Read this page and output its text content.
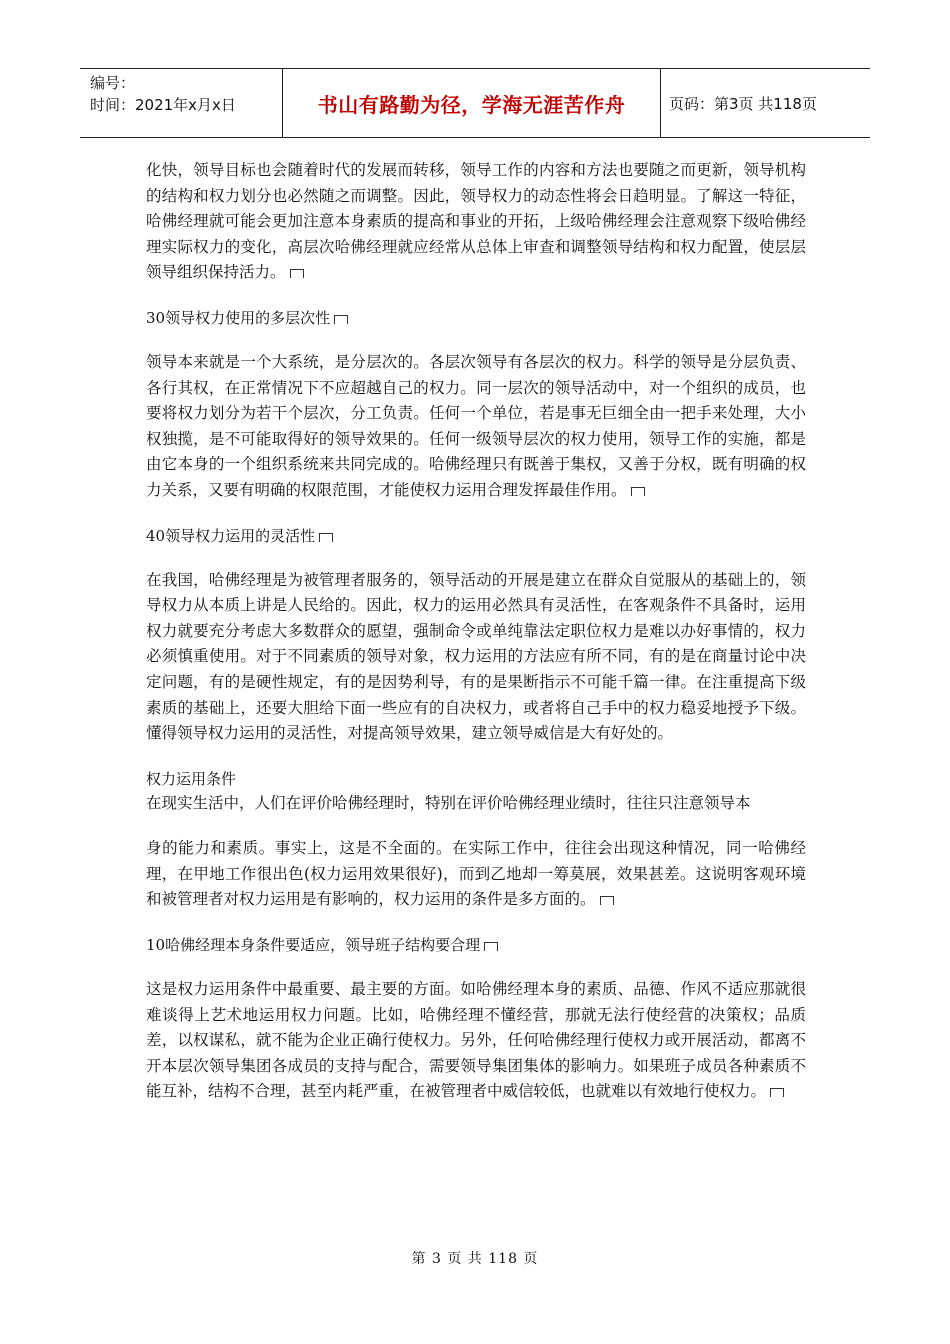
编号：
时间：2021年x月x日	书山有路勤为径，学海无涯苦作舟	页码：第3页 共118页

化快，领导目标也会随着时代的发展而转移，领导工作的内容和方法也要随之而更新，领导机构的结构和权力划分也必然随之而调整。因此，领导权力的动态性将会日趋明显。了解这一特征，哈佛经理就可能会更加注意本身素质的提高和事业的开拓，上级哈佛经理会注意观察下级哈佛经理实际权力的变化，高层次哈佛经理就应经常从总体上审查和调整领导结构和权力配置，使层层领导组织保持活力。

30领导权力使用的多层次性

领导本来就是一个大系统，是分层次的。各层次领导有各层次的权力。科学的领导是分层负责、各行其权，在正常情况下不应超越自己的权力。同一层次的领导活动中，对一个组织的成员，也要将权力划分为若干个层次，分工负责。任何一个单位，若是事无巨细全由一把手来处理，大小权独揽，是不可能取得好的领导效果的。任何一级领导层次的权力使用，领导工作的实施，都是由它本身的一个组织系统来共同完成的。哈佛经理只有既善于集权，又善于分权，既有明确的权力关系，又要有明确的权限范围，才能使权力运用合理发挥最佳作用。

40领导权力运用的灵活性

在我国，哈佛经理是为被管理者服务的，领导活动的开展是建立在群众自觉服从的基础上的，领导权力从本质上讲是人民给的。因此，权力的运用必然具有灵活性，在客观条件不具备时，运用权力就要充分考虑大多数群众的愿望，强制命令或单纯靠法定职位权力是难以办好事情的，权力必须慎重使用。对于不同素质的领导对象，权力运用的方法应有所不同，有的是在商量讨论中决定问题，有的是硬性规定，有的是因势利导，有的是果断指示不可能千篇一律。在注重提高下级素质的基础上，还要大胆给下面一些应有的自决权力，或者将自己手中的权力稳妥地授予下级。懂得领导权力运用的灵活性，对提高领导效果，建立领导威信是大有好处的。

权力运用条件

在现实生活中，人们在评价哈佛经理时，特别在评价哈佛经理业绩时，往往只注意领导本

身的能力和素质。事实上，这是不全面的。在实际工作中，往往会出现这种情况，同一哈佛经理，在甲地工作很出色(权力运用效果很好)，而到乙地却一筹莫展，效果甚差。这说明客观环境和被管理者对权力运用是有影响的，权力运用的条件是多方面的。

10哈佛经理本身条件要适应，领导班子结构要合理

这是权力运用条件中最重要、最主要的方面。如哈佛经理本身的素质、品德、作风不适应那就很难谈得上艺术地运用权力问题。比如，哈佛经理不懂经营，那就无法行使经营的决策权；品质差，以权谋私，就不能为企业正确行使权力。另外，任何哈佛经理行使权力或开展活动，都离不开本层次领导集团各成员的支持与配合，需要领导集团集体的影响力。如果班子成员各种素质不能互补，结构不合理，甚至内耗严重，在被管理者中威信较低，也就难以有效地行使权力。

第 3 页 共 118 页
